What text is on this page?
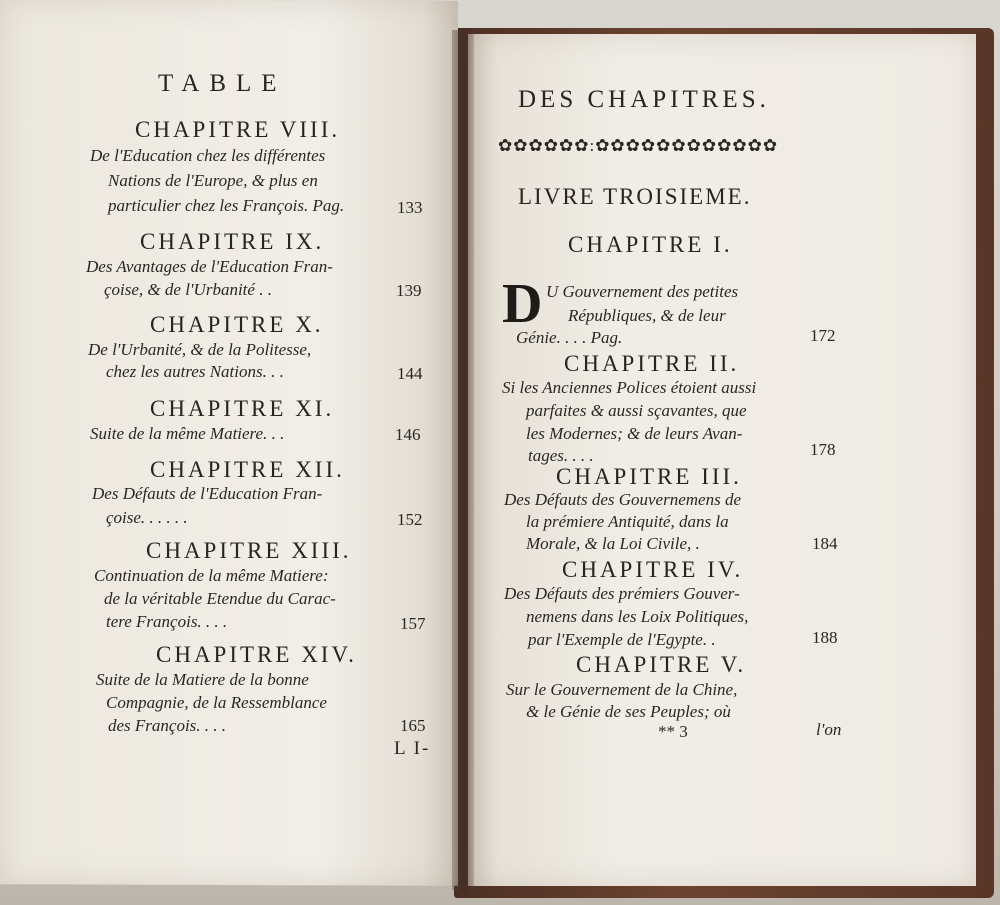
TABLE
CHAPITRE VIII.
De l'Education chez les différentes
Nations de l'Europe, & plus en
particulier chez les François. Pag.	133
CHAPITRE IX.
Des Avantages de l'Education Fran-
çoise, & de l'Urbanité . .	139
CHAPITRE X.
De l'Urbanité, & de la Politesse,
chez les autres Nations. . .	144
CHAPITRE XI.
Suite de la même Matiere. . .	146
CHAPITRE XII.
Des Défauts de l'Education Fran-
çoise. . . . . .	152
CHAPITRE XIII.
Continuation de la même Matiere:
de la véritable Etendue du Carac-
tere François. . . .	157
CHAPITRE XIV.
Suite de la Matiere de la bonne
Compagnie, de la Ressemblance
des François. . . .	165
L I-
DES CHAPITRES.
✿✿✿✿✿✿:✿✿✿✿✿✿✿✿✿✿✿✿
LIVRE TROISIEME.
CHAPITRE I.
D U Gouvernement des petites
Républiques, & de leur
Génie. . . . Pag.	172
CHAPITRE II.
Si les Anciennes Polices étoient aussi
parfaites & aussi sçavantes, que
les Modernes; & de leurs Avan-
tages. . . .	178
CHAPITRE III.
Des Défauts des Gouvernemens de
la prémiere Antiquité, dans la
Morale, & la Loi Civile, .	184
CHAPITRE IV.
Des Défauts des prémiers Gouver-
nemens dans les Loix Politiques,
par l'Exemple de l'Egypte. .	188
CHAPITRE V.
Sur le Gouvernement de la Chine,
& le Génie de ses Peuples; où
** 3	l'on
